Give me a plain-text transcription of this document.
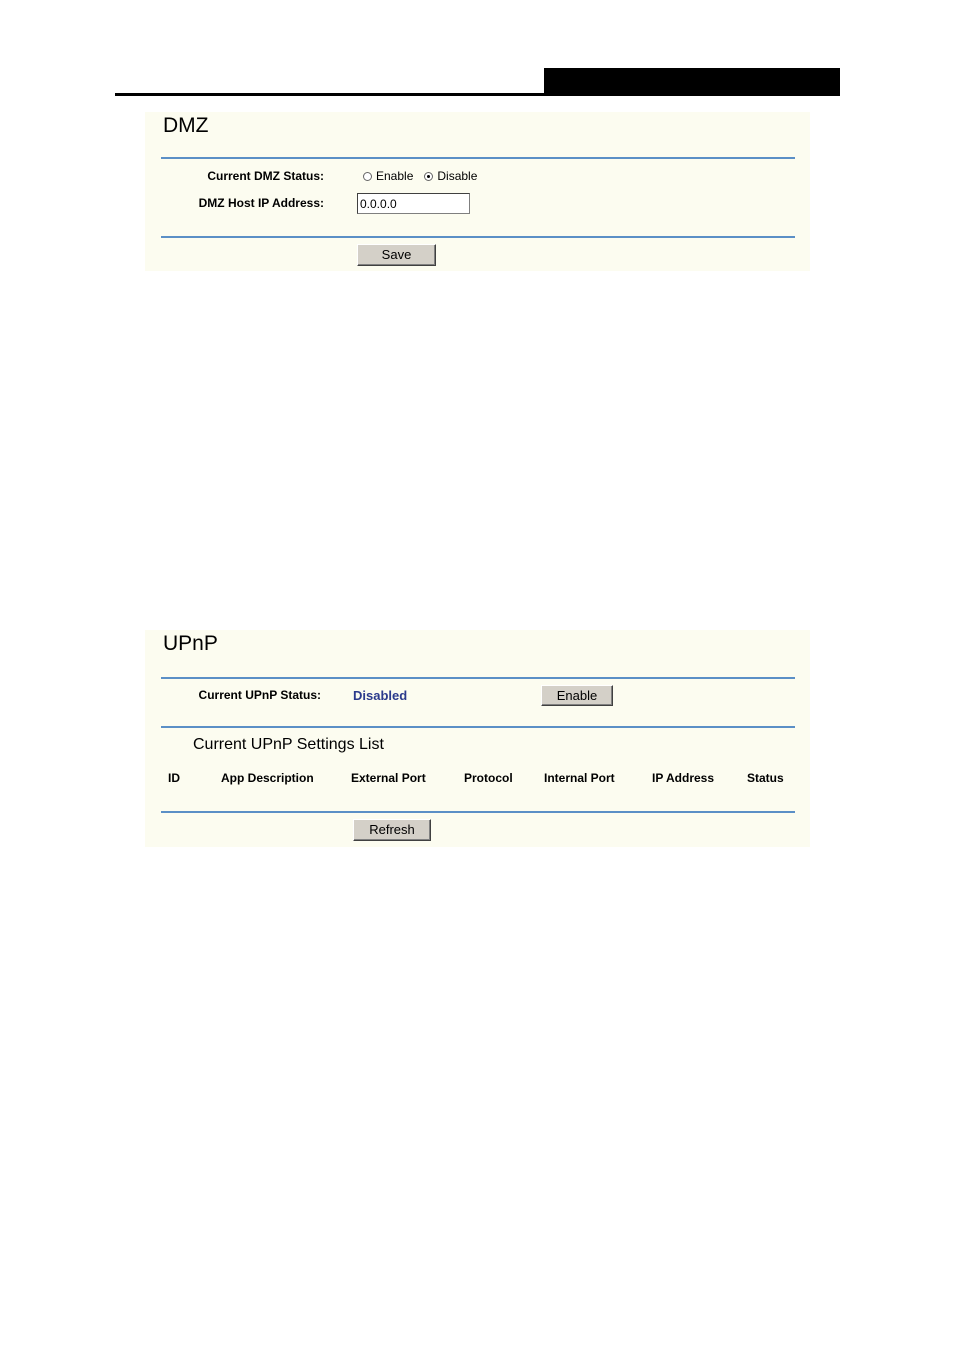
DMZ
Current DMZ Status:	Enable Disable
DMZ Host IP Address:
0.0.0.0
Save
UPnP
Current UPnP Status: Disabled	Enable
Current UPnP Settings List
ID	App Description	External Port	Protocol	Internal Port	IP Address	Status
Refresh
